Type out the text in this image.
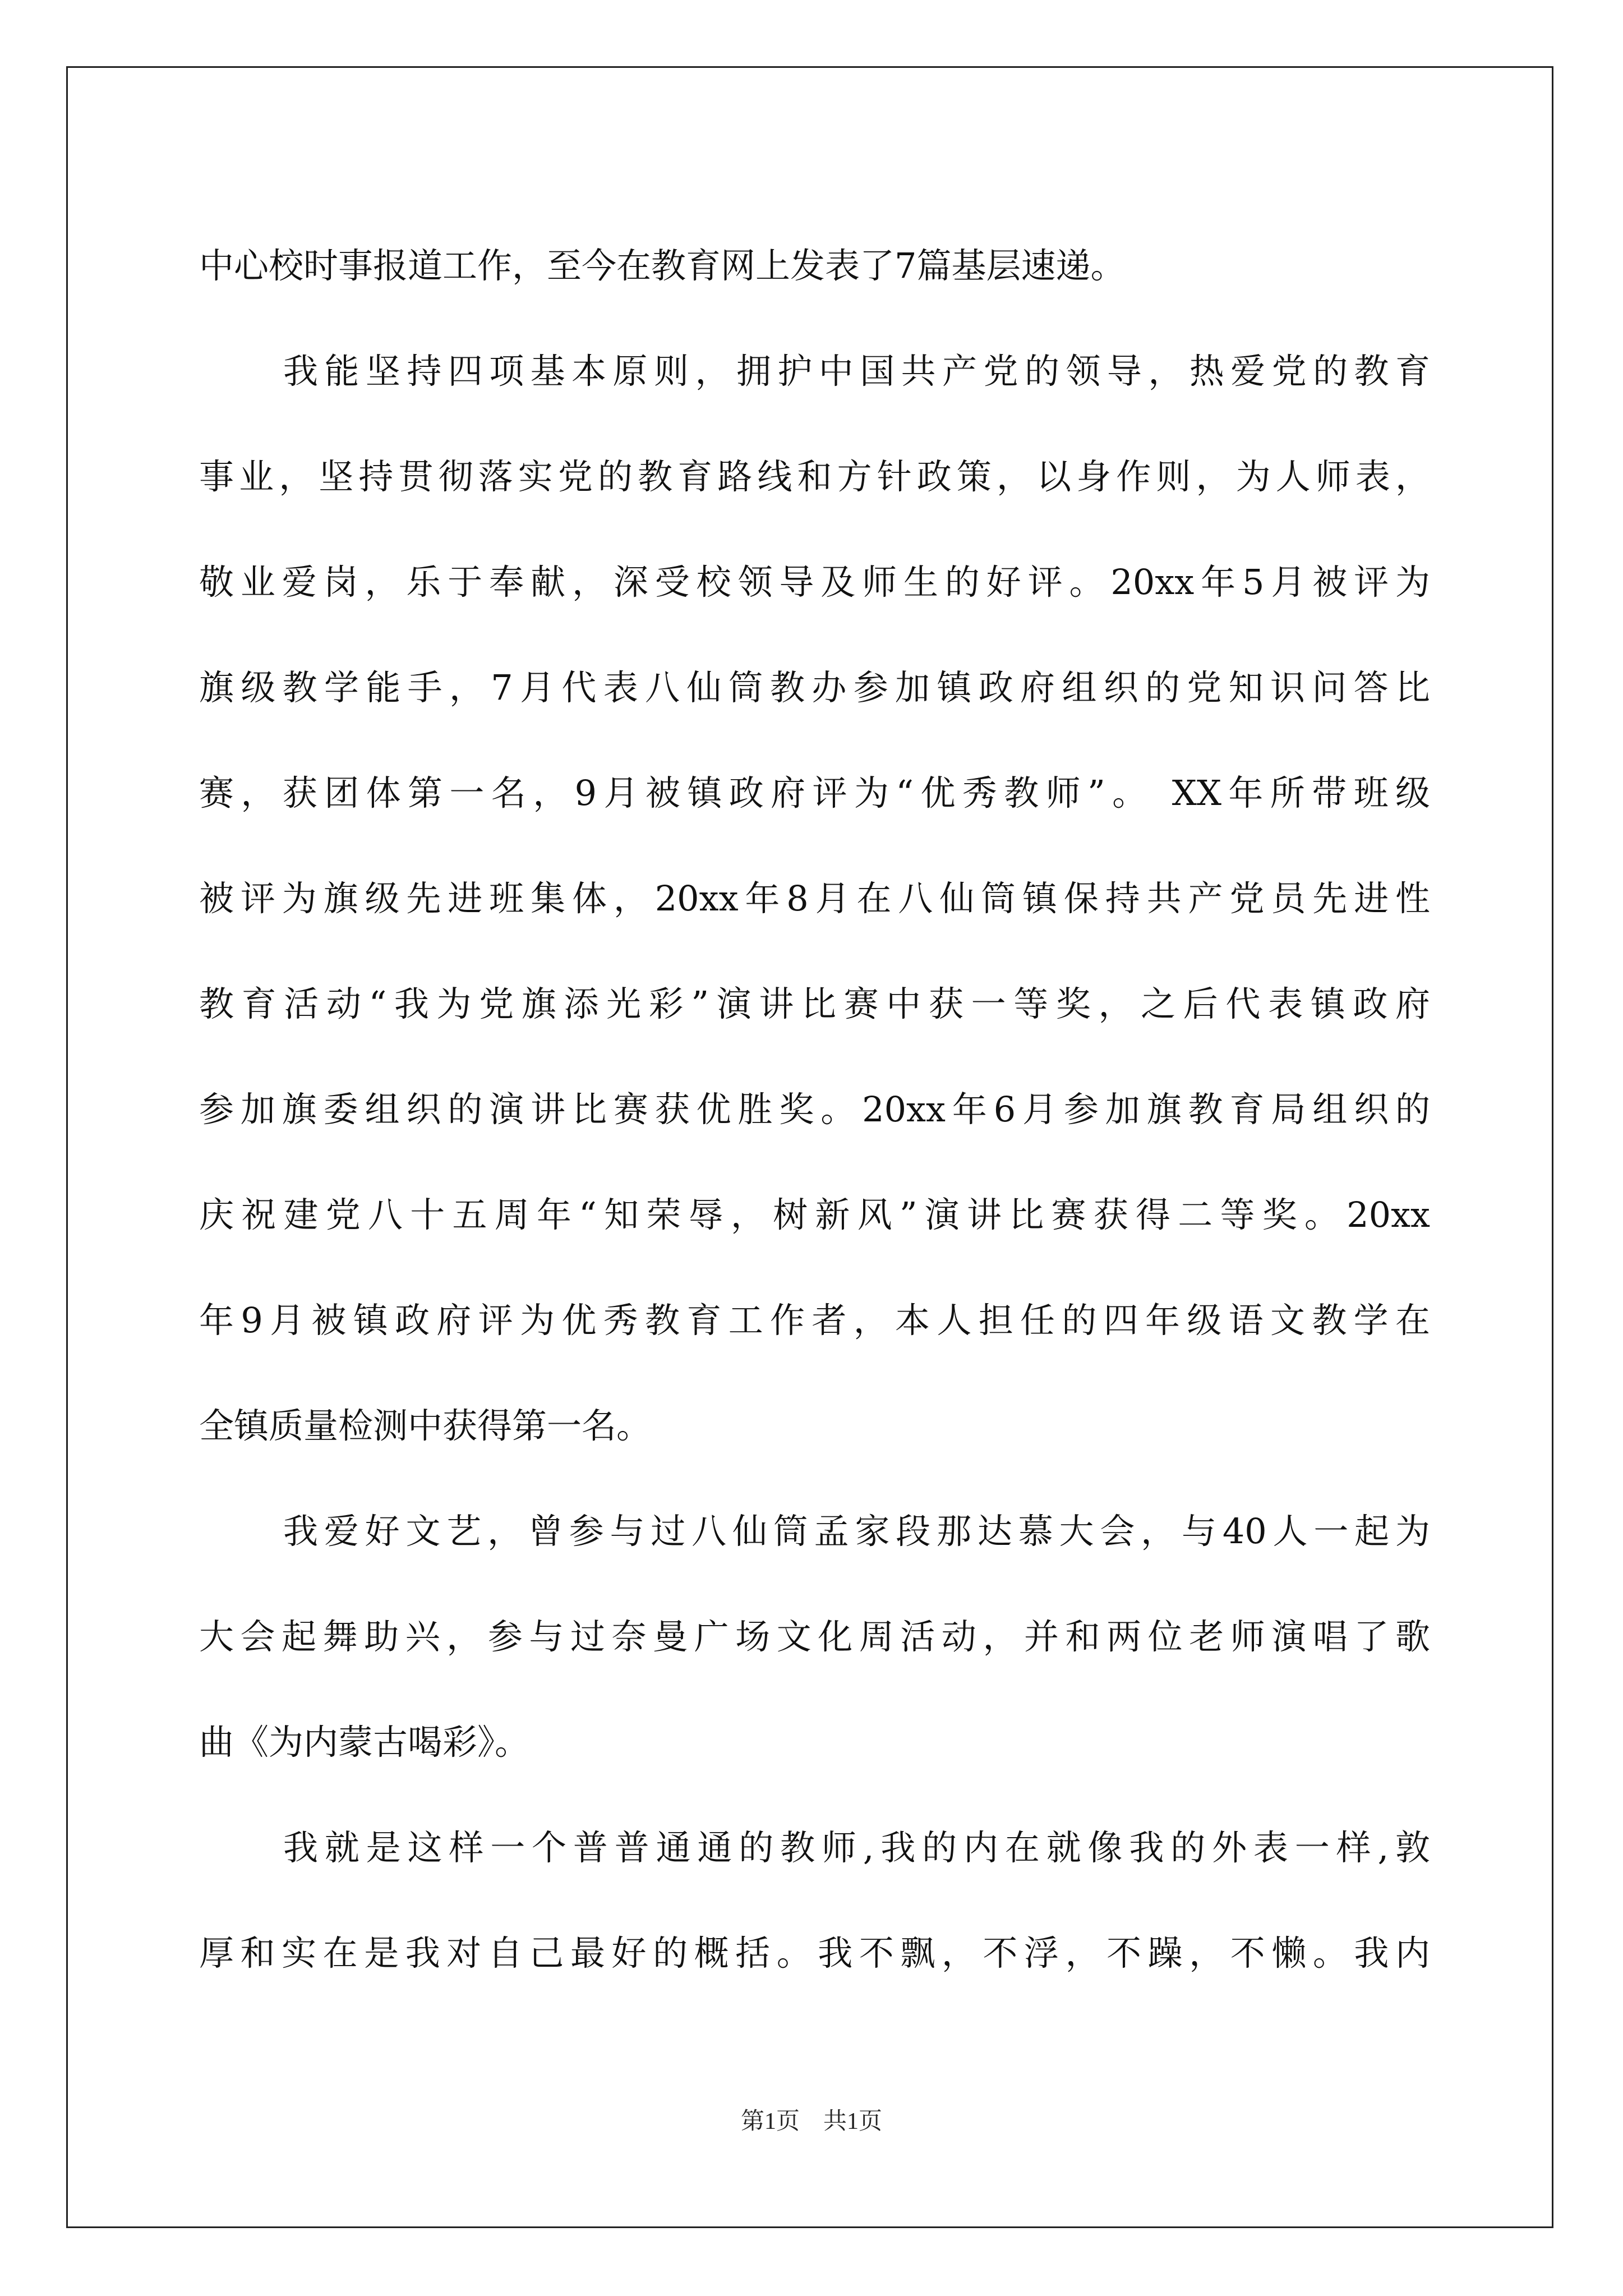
中心校时事报道工作，至今在教育网上发表了7篇基层速递。
我能坚持四项基本原则，拥护中国共产党的领导，热爱党的教育
事业，坚持贯彻落实党的教育路线和方针政策，以身作则，为人师表，
敬业爱岗，乐于奉献，深受校领导及师生的好评。20xx年5月被评为
旗级教学能手，7月代表八仙筒教办参加镇政府组织的党知识问答比
赛，获团体第一名，9月被镇政府评为“优秀教师”。 XX年所带班级
被评为旗级先进班集体，20xx年8月在八仙筒镇保持共产党员先进性
教育活动“我为党旗添光彩”演讲比赛中获一等奖，之后代表镇政府
参加旗委组织的演讲比赛获优胜奖。20xx年6月参加旗教育局组织的
庆祝建党八十五周年“知荣辱，树新风”演讲比赛获得二等奖。20xx
年9月被镇政府评为优秀教育工作者，本人担任的四年级语文教学在
全镇质量检测中获得第一名。
我爱好文艺，曾参与过八仙筒孟家段那达慕大会，与40人一起为
大会起舞助兴，参与过奈曼广场文化周活动，并和两位老师演唱了歌
曲《为内蒙古喝彩》。
我就是这样一个普普通通的教师,我的内在就像我的外表一样,敦
厚和实在是我对自己最好的概括。我不飘，不浮，不躁，不懒。我内
第1页　共1页
